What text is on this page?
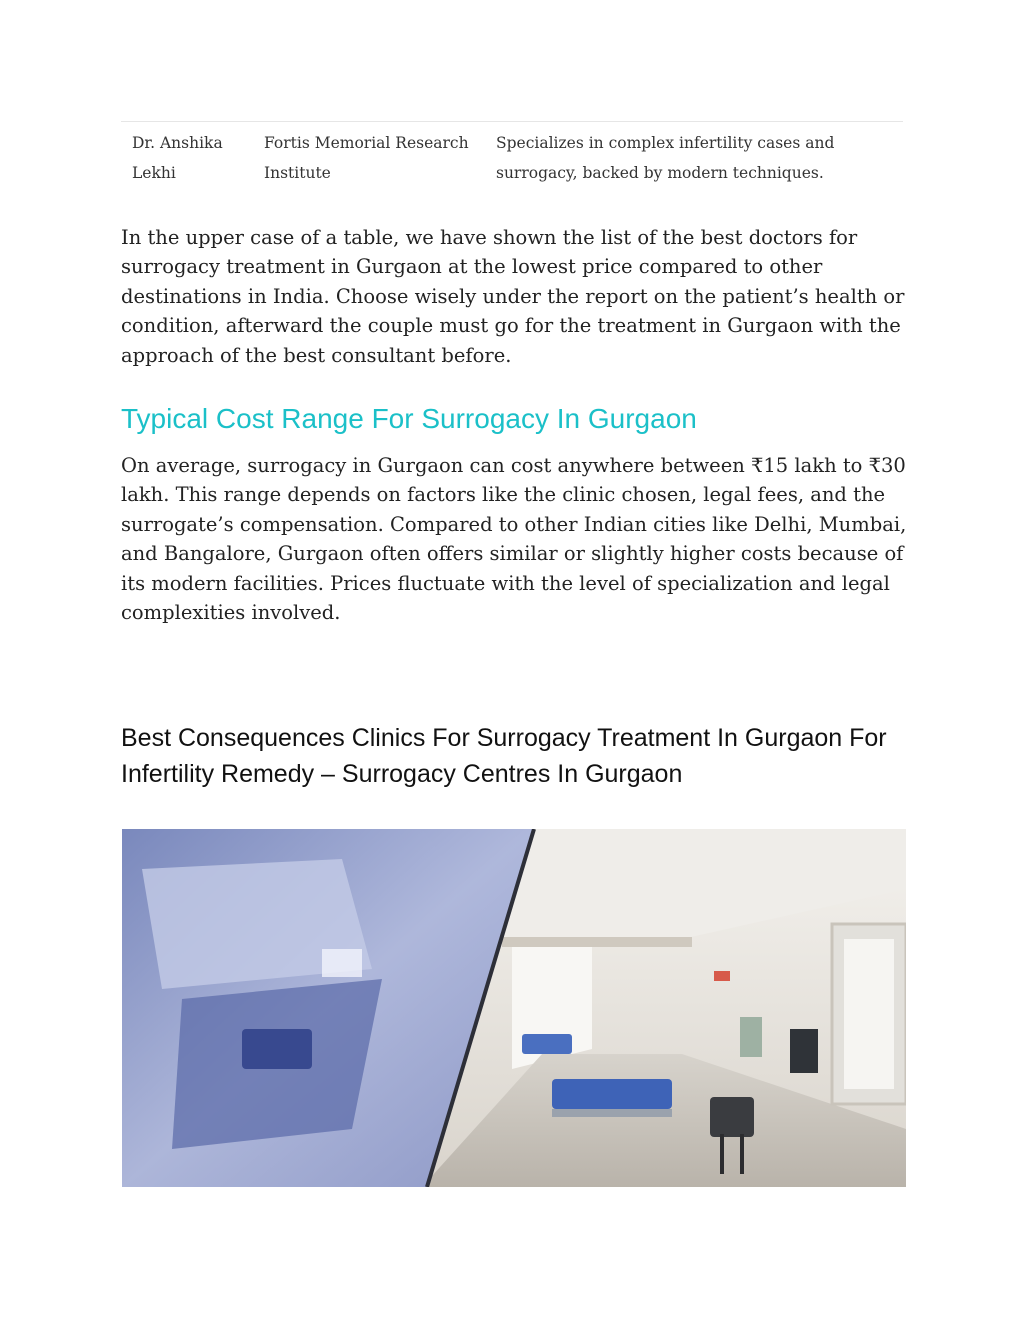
Dr. Anshika Lekhi	Fortis Memorial Research Institute	Specializes in complex infertility cases and surrogacy, backed by modern techniques.

In the upper case of a table, we have shown the list of the best doctors for surrogacy treatment in Gurgaon at the lowest price compared to other destinations in India. Choose wisely under the report on the patient’s health or condition, afterward the couple must go for the treatment in Gurgaon with the approach of the best consultant before.

Typical Cost Range For Surrogacy In Gurgaon

On average, surrogacy in Gurgaon can cost anywhere between ₹15 lakh to ₹30 lakh. This range depends on factors like the clinic chosen, legal fees, and the surrogate’s compensation. Compared to other Indian cities like Delhi, Mumbai, and Bangalore, Gurgaon often offers similar or slightly higher costs because of its modern facilities. Prices fluctuate with the level of specialization and legal complexities involved.

Best Consequences Clinics For Surrogacy Treatment In Gurgaon For Infertility Remedy – Surrogacy Centres In Gurgaon
